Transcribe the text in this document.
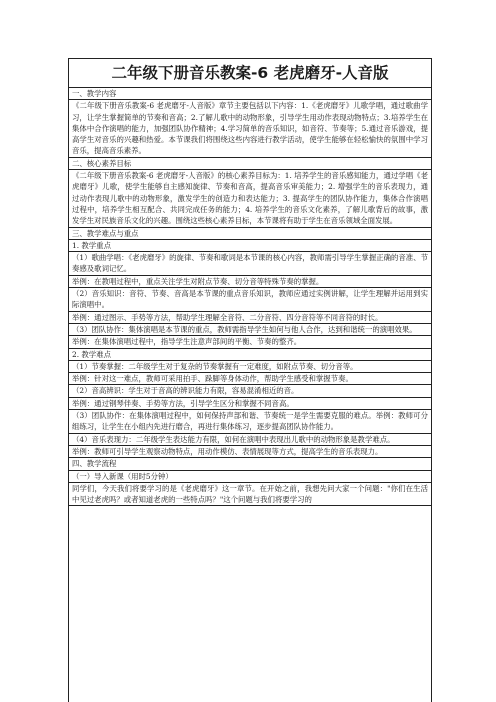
二年级下册音乐教案-6 老虎磨牙-人音版
一、教学内容
《二年级下册音乐教案-6 老虎磨牙-人音版》章节主要包括以下内容：1.《老虎磨牙》儿歌学唱，通过歌曲学习，让学生掌握简单的节奏和音高；2.了解儿歌中的动物形象，引导学生用动作表现动物特点；3.培养学生在集体中合作演唱的能力，加强团队协作精神；4.学习简单的音乐知识，如音符、节奏等；5.通过音乐游戏，提高学生对音乐的兴趣和热爱。本节课我们将围绕这些内容进行教学活动，使学生能够在轻松愉快的氛围中学习音乐，提高音乐素养。
二、核心素养目标
《二年级下册音乐教案-6 老虎磨牙-人音版》的核心素养目标为：1. 培养学生的音乐感知能力，通过学唱《老虎磨牙》儿歌，使学生能够自主感知旋律、节奏和音高，提高音乐审美能力；2. 增强学生的音乐表现力，通过动作表现儿歌中的动物形象，激发学生的创造力和表达能力；3. 提高学生的团队协作能力，集体合作演唱过程中，培养学生相互配合、共同完成任务的能力；4. 培养学生的音乐文化素养，了解儿歌背后的故事，激发学生对民族音乐文化的兴趣。围绕这些核心素养目标，本节课将有助于学生在音乐领域全面发展。
三、教学难点与重点
1. 教学重点
（1）歌曲学唱：《老虎磨牙》的旋律、节奏和歌词是本节课的核心内容，教师需引导学生掌握正确的音准、节奏感及歌词记忆。
举例：在教唱过程中，重点关注学生对附点节奏、切分音等特殊节奏的掌握。
（2）音乐知识：音符、节奏、音高是本节课的重点音乐知识，教师应通过实例讲解，让学生理解并运用到实际演唱中。
举例：通过图示、手势等方法，帮助学生理解全音符、二分音符、四分音符等不同音符的时长。
（3）团队协作：集体演唱是本节课的重点，教师需指导学生如何与他人合作，达到和谐统一的演唱效果。
举例：在集体演唱过程中，指导学生注意声部间的平衡、节奏的整齐。
2. 教学难点
（1）节奏掌握：二年级学生对于复杂的节奏掌握有一定难度，如附点节奏、切分音等。
举例：针对这一难点，教师可采用拍手、跺脚等身体动作，帮助学生感受和掌握节奏。
（2）音高辨识：学生对于音高的辨识能力有限，容易混淆相近的音。
举例：通过钢琴伴奏、手势等方法，引导学生区分和掌握不同音高。
（3）团队协作：在集体演唱过程中，如何保持声部和谐、节奏统一是学生需要克服的难点。举例：教师可分组练习，让学生在小组内先进行磨合，再进行集体练习，逐步提高团队协作能力。
（4）音乐表现力：二年级学生表达能力有限，如何在演唱中表现出儿歌中的动物形象是教学难点。
举例：教师可引导学生观察动物特点，用动作模仿、表情展现等方式，提高学生的音乐表现力。
四、教学流程
（一）导入新课（用时5分钟）
同学们，今天我们将要学习的是《老虎磨牙》这一章节。在开始之前，我想先问大家一个问题："你们在生活中见过老虎吗？或者知道老虎的一些特点吗？"这个问题与我们将要学习的
